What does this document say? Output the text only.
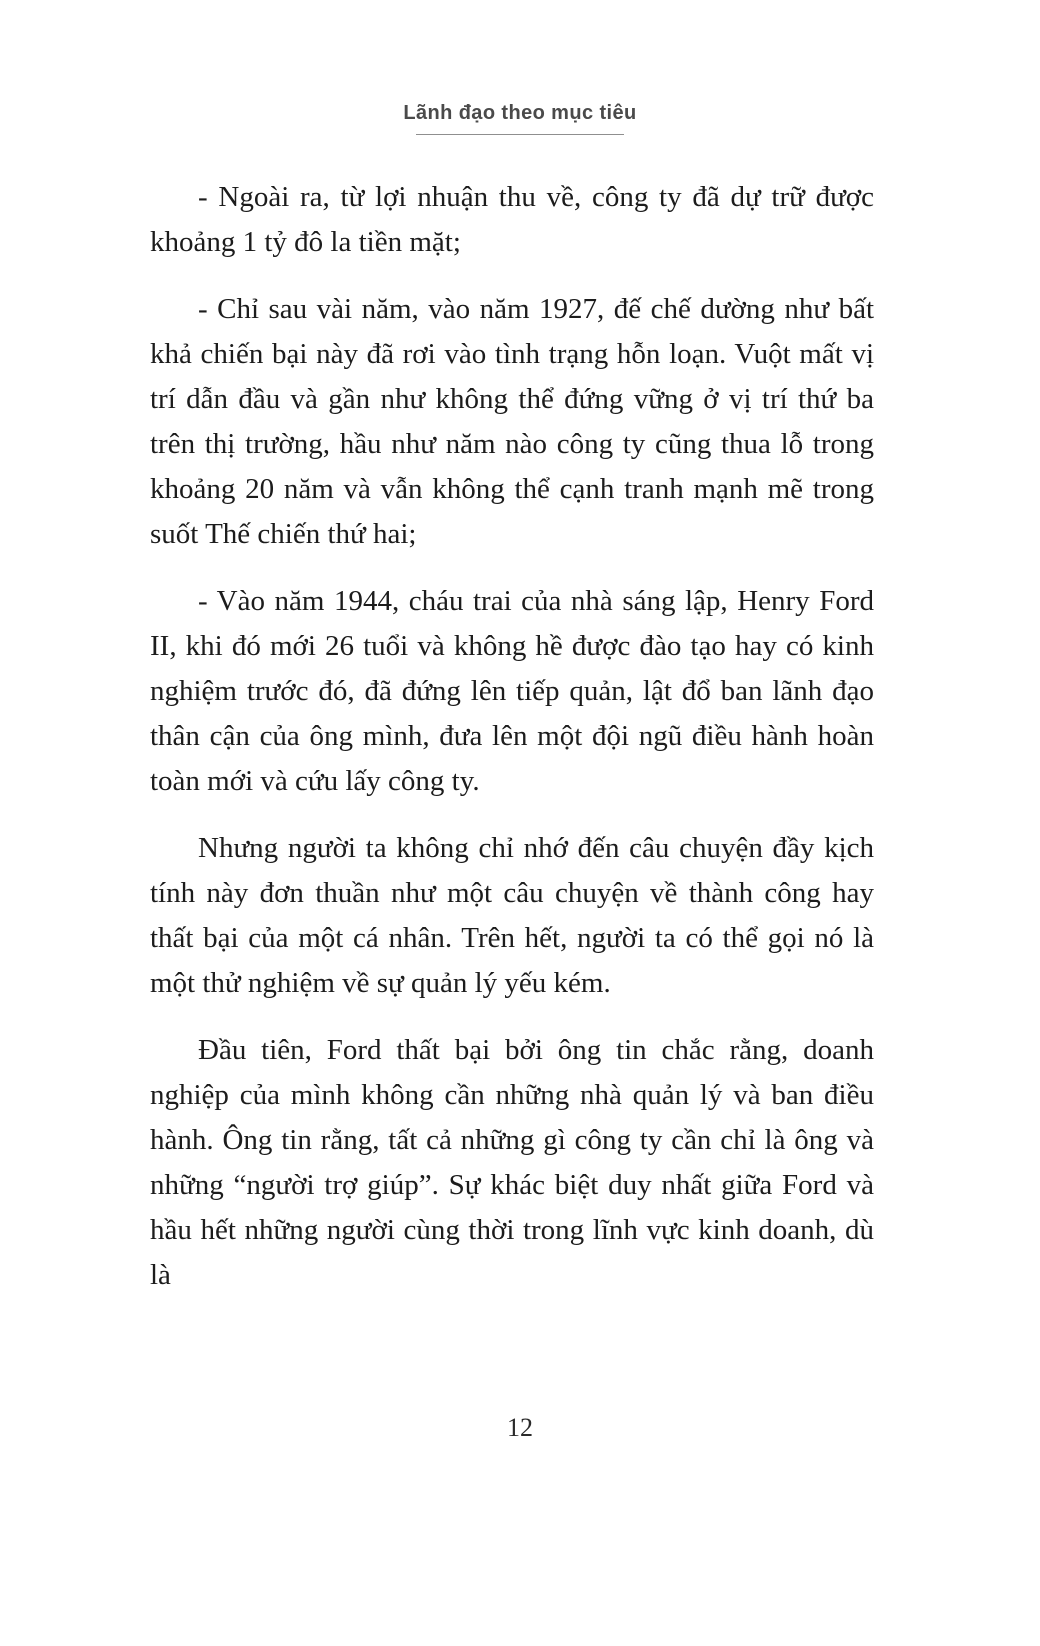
Lãnh đạo theo mục tiêu

- Ngoài ra, từ lợi nhuận thu về, công ty đã dự trữ được khoảng 1 tỷ đô la tiền mặt;

- Chỉ sau vài năm, vào năm 1927, đế chế dường như bất khả chiến bại này đã rơi vào tình trạng hỗn loạn. Vuột mất vị trí dẫn đầu và gần như không thể đứng vững ở vị trí thứ ba trên thị trường, hầu như năm nào công ty cũng thua lỗ trong khoảng 20 năm và vẫn không thể cạnh tranh mạnh mẽ trong suốt Thế chiến thứ hai;

- Vào năm 1944, cháu trai của nhà sáng lập, Henry Ford II, khi đó mới 26 tuổi và không hề được đào tạo hay có kinh nghiệm trước đó, đã đứng lên tiếp quản, lật đổ ban lãnh đạo thân cận của ông mình, đưa lên một đội ngũ điều hành hoàn toàn mới và cứu lấy công ty.

Nhưng người ta không chỉ nhớ đến câu chuyện đầy kịch tính này đơn thuần như một câu chuyện về thành công hay thất bại của một cá nhân. Trên hết, người ta có thể gọi nó là một thử nghiệm về sự quản lý yếu kém.

Đầu tiên, Ford thất bại bởi ông tin chắc rằng, doanh nghiệp của mình không cần những nhà quản lý và ban điều hành. Ông tin rằng, tất cả những gì công ty cần chỉ là ông và những “người trợ giúp”. Sự khác biệt duy nhất giữa Ford và hầu hết những người cùng thời trong lĩnh vực kinh doanh, dù là

12
